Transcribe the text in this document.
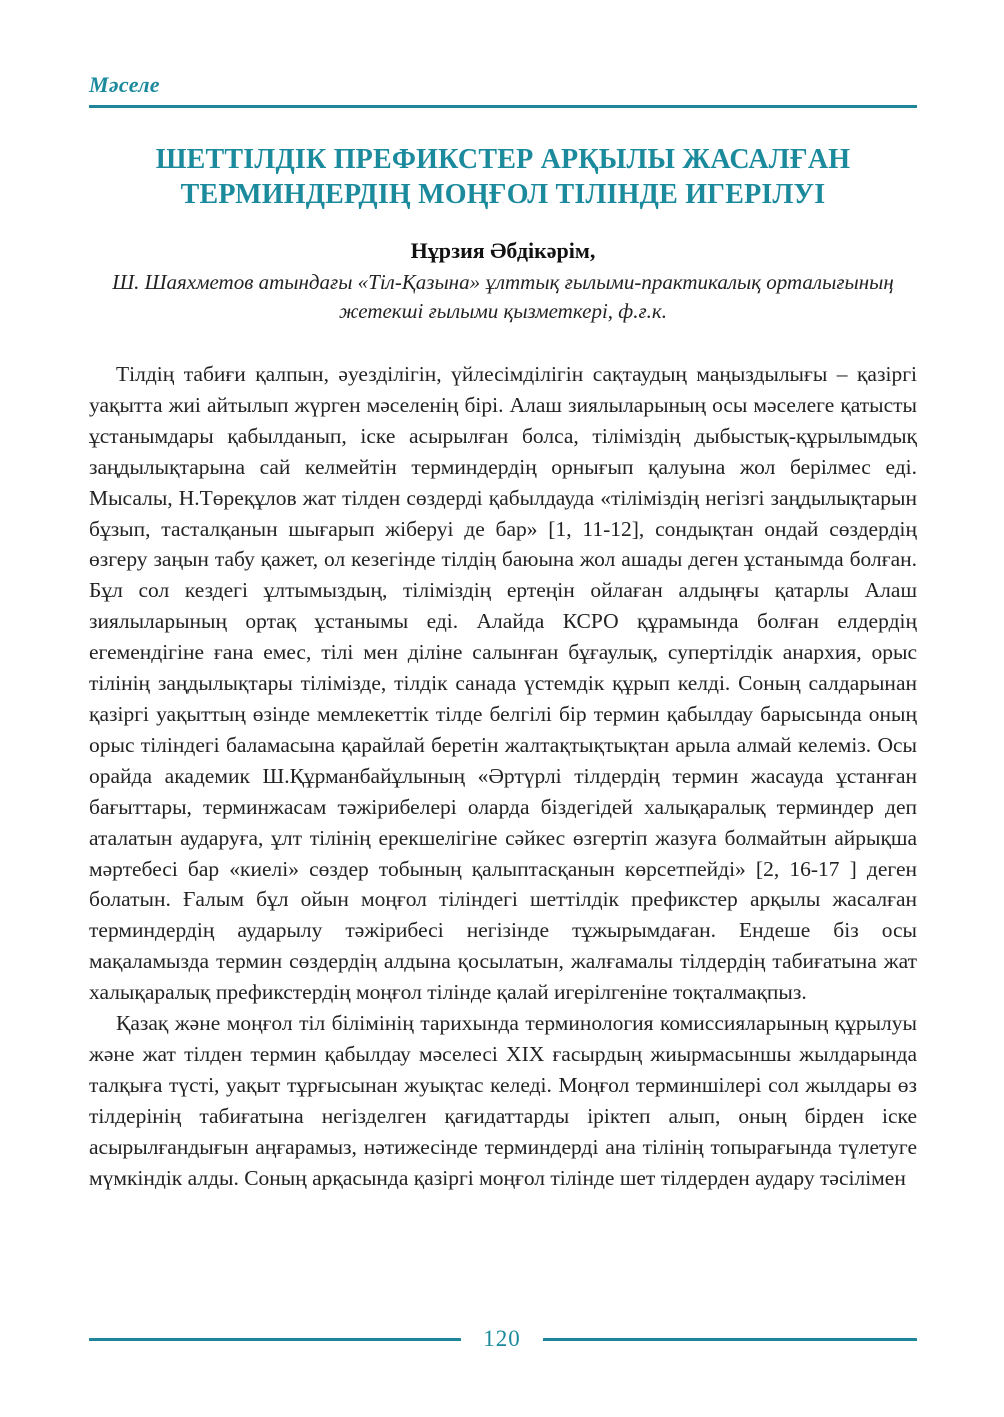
Мәселе
ШЕТТІЛДІК ПРЕФИКСТЕР АРҚЫЛЫ ЖАСАЛҒАН ТЕРМИНДЕРДІҢ МОҢҒОЛ ТІЛІНДЕ ИГЕРІЛУІ
Нұрзия Әбдікәрім,
Ш. Шаяхметов атындағы «Тіл-Қазына» ұлттық ғылыми-практикалық орталығының жетекші ғылыми қызметкері, ф.ғ.к.

Тілдің табиғи қалпын, әуезділігін, үйлесімділігін сақтаудың маңыздылығы – қазіргі уақытта жиі айтылып жүрген мәселенің бірі. Алаш зиялыларының осы мәселеге қатысты ұстанымдары қабылданып, іске асырылған болса, тіліміздің дыбыстық-құрылымдық заңдылықтарына сай келмейтін терминдердің орнығып қалуына жол берілмес еді. Мысалы, Н.Төреқұлов жат тілден сөздерді қабылдауда «тіліміздің негізгі заңдылықтарын бұзып, тасталқанын шығарып жіберуі де бар» [1, 11-12], сондықтан ондай сөздердің өзгеру заңын табу қажет, ол кезегінде тілдің баюына жол ашады деген ұстанымда болған. Бұл сол кездегі ұлтымыздың, тіліміздің ертеңін ойлаған алдыңғы қатарлы Алаш зиялыларының ортақ ұстанымы еді. Алайда КСРО құрамында болған елдердің егемендігіне ғана емес, тілі мен діліне салынған бұғаулық, супертілдік анархия, орыс тілінің заңдылықтары тілімізде, тілдік санада үстемдік құрып келді. Соның салдарынан қазіргі уақыттың өзінде мемлекеттік тілде белгілі бір термин қабылдау барысында оның орыс тіліндегі баламасына қарайлай беретін жалтақтықтықтан арыла алмай келеміз. Осы орайда академик Ш.Құрманбайұлының «Әртүрлі тілдердің термин жасауда ұстанған бағыттары, терминжасам тәжірибелері оларда біздегідей халықаралық терминдер деп аталатын аударуға, ұлт тілінің ерекшелігіне сәйкес өзгертіп жазуға болмайтын айрықша мәртебесі бар «киелі» сөздер тобының қалыптасқанын көрсетпейді» [2, 16-17 ] деген болатын. Ғалым бұл ойын моңғол тіліндегі шеттілдік префикстер арқылы жасалған терминдердің аударылу тәжірибесі негізінде тұжырымдаған. Ендеше біз осы мақаламызда термин сөздердің алдына қосылатын, жалғамалы тілдердің табиғатына жат халықаралық префикстердің моңғол тілінде қалай игерілгеніне тоқталмақпыз.

Қазақ және моңғол тіл білімінің тарихында терминология комиссияларының құрылуы және жат тілден термин қабылдау мәселесі ХІХ ғасырдың жиырмасыншы жылдарында талқыға түсті, уақыт тұрғысынан жуықтас келеді. Моңғол терминшілері сол жылдары өз тілдерінің табиғатына негізделген қағидаттарды іріктеп алып, оның бірден іске асырылғандығын аңғарамыз, нәтижесінде терминдерді ана тілінің топырағында түлетуге мүмкіндік алды. Соның арқасында қазіргі моңғол тілінде шет тілдерден аудару тәсілімен

120
